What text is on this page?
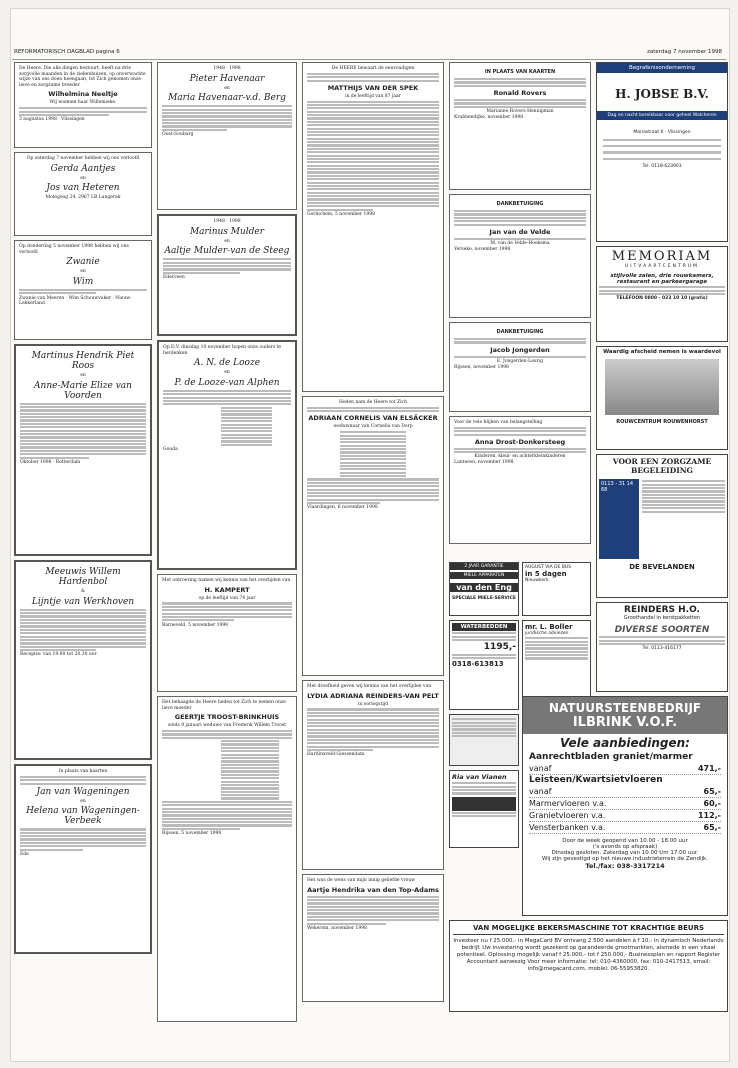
REFORMATORISCH DAGBLAD pagina 6	zaterdag 7 november 1998
De Heere. Die alle dingen bestuurt, heeft na drie zorgvolle maanden in de ziekenhuizen, op onverwachte wijze van ons doen heengaan, tot Zich genomen onze lieve en zorgzame broeder
Wilhelmina Neeltje
Wij noemen haar Willemieke.
3 augustus 1998 · Vlissingen
Op zaterdag 7 november hebben wij ons verloofd
Gerda Aantjes
en
Jos van Heteren
Molegoog 24, 2967 LB Langerak
Op donderdag 5 november 1998 hebben wij ons verloofd
Zwanie
en
Wim
Zwanie van Meeren · Wim Schouwvaker · Nieuw-Lekkerland
Martinus Hendrik Piet Roos
en
Anne-Marie Elize van Voorden
Oktober 1998 · Rotterdam
Meeuwis Willem Hardenbol
&
Lijntje van Werkhoven
Receptie: van 19.00 tot 20.30 uur
In plaats van kaarten
Jan van Wageningen
en
Helena van Wageningen-Verbeek
Ede
1948 · 1998
Pieter Havenaar
en
Maria Havenaar-v.d. Berg
Oost-Souburg
1948 · 1998
Marinus Mulder
en
Aaltje Mulder-van de Steeg
Ederveen
Op D.V. dinsdag 10 november hopen onze ouders te herdenken
A. N. de Looze
en
P. de Looze-van Alphen
Gouda
Met ontroering namen wij kennis van het overlijden van
H. KAMPERT
op de leeftijd van 74 jaar
Barneveld, 5 november 1998
Het behaagde de Heere heden tot Zich te nemen onze lieve moeder
GEERTJE TROOST-BRINKHUIS
sinds 9 januari weduwe van Frederik Willem Troost
Rijssen, 5 november 1998
De HEERE bewaart de eenvoudigen
MATTHIJS VAN DER SPEK
in de leeftijd van 87 jaar
Gorinchem, 5 november 1998
Heden nam de Heere tot Zich
ADRIAAN CORNELIS VAN ELSÄCKER
weduwnaar van Cornelia van Dorp
Vlaardingen, 6 november 1998
Met droefheid geven wij kennis van het overlijden van
LYDIA ADRIANA REINDERS-VAN PELT
in oorlogstijd
Hardinxveld-Giessendam
Het was de wens van mijn innig geliefde vrouw
Aartje Hendrika van den Top-Adams
Wekerom, november 1998
IN PLAATS VAN KAARTEN
Ronald Rovers
Marianne Rovers-Hennipman
Krabbendijke, november 1998
DANKBETUIGING
Jan van de Velde
M. van de Velde-Hoeksma
Yerseke, november 1998
DANKBETUIGING
Jacob Jongerden
E. Jongerden-Leurig
Rijssen, november 1998
Voor de vele blijken van belangstelling
Anna Drost-Donkersteeg
Kinderen, klein- en achterkleinkinderen
Lunteren, november 1998
2 JAAR GARANTIE
MIELE APPARATEN
van den Eng
SPECIALE MIELE-SERVICE
AUGUST VIA DE BUS
in 5 dagen
Nieuwkerk
WATERBEDDEN
1195,-
0318-613813
mr. L. Boller
juridische adviezen
Ria van Vianen
Begrafenisonderneming
H. JOBSE B.V.
Dag en nacht bereikbaar voor geheel Walcheren
Mariastraat 6 · Vlissingen
Tel. 0118-623903
MEMORIAM
UITVAARTCENTRUM
stijlvolle zalen, drie rouwkamers, restaurant en parkeergarage
TELEFOON 0800 - 023 10 10 (gratis)
Waardig afscheid nemen is waardevol
ROUWCENTRUM ROUWENHORST
VOOR EEN ZORGZAME BEGELEIDING
0113 - 31 14 68
DE BEVELANDEN
REINDERS H.O.
Groothandel in kerstpakketten
DIVERSE SOORTEN
Tel. 0113-416177
NATUURSTEENBEDRIJF
ILBRINK V.O.F.
Vele aanbiedingen:
Aanrechtbladen graniet/marmer
vanaf	471,-
Leisteen/Kwartsietvloeren
vanaf	65,-
Marmervloeren v.a.	60,-
Granietvloeren v.a.	112,-
Vensterbanken v.a.	65,-
Door de week geopend van 10.00 - 18.00 uur
('s avonds op afspraak)
Dinsdag gesloten. Zaterdag van 10.00 t/m 17.00 uur.
Wij zijn gevestigd op het nieuwe industrieterrein de Zendijk.
Tel./fax: 038-3317214
VAN MOGELIJKE BEKERSMASCHINE TOT KRACHTIGE BEURS
Investeer nu f 25.000,- in MegaCard BV ontvang 2.500 aandelen à f 10,- in dynamisch Nederlands bedrijf. Uw investering wordt gezekerd op garandeerde grootmarkten, alsmede in een vitaal potentieel. Oplossing mogelijk vanaf f 25.000,- tot f 250.000,- Businessplan en rapport Register Accountant aanwezig Voor meer informatie: tel: 010-4360000, fax: 010-2417513, email: info@megacard.com, mobiel: 06-55953820.
